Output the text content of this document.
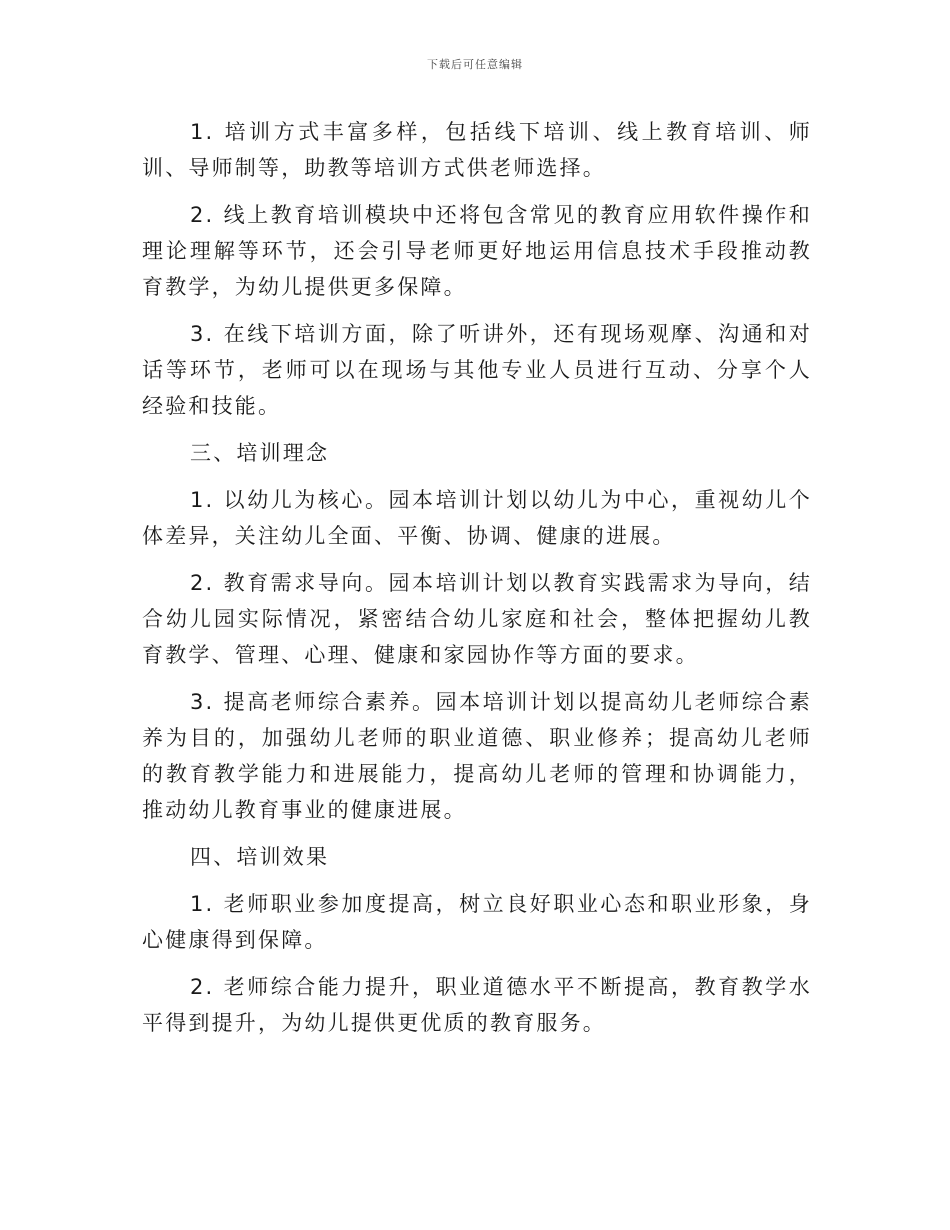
下载后可任意编辑

1. 培训方式丰富多样，包括线下培训、线上教育培训、师训、导师制等，助教等培训方式供老师选择。

2. 线上教育培训模块中还将包含常见的教育应用软件操作和理论理解等环节，还会引导老师更好地运用信息技术手段推动教育教学，为幼儿提供更多保障。

3. 在线下培训方面，除了听讲外，还有现场观摩、沟通和对话等环节，老师可以在现场与其他专业人员进行互动、分享个人经验和技能。

三、培训理念

1. 以幼儿为核心。园本培训计划以幼儿为中心，重视幼儿个体差异，关注幼儿全面、平衡、协调、健康的进展。

2. 教育需求导向。园本培训计划以教育实践需求为导向，结合幼儿园实际情况，紧密结合幼儿家庭和社会，整体把握幼儿教育教学、管理、心理、健康和家园协作等方面的要求。

3. 提高老师综合素养。园本培训计划以提高幼儿老师综合素养为目的，加强幼儿老师的职业道德、职业修养；提高幼儿老师的教育教学能力和进展能力，提高幼儿老师的管理和协调能力，推动幼儿教育事业的健康进展。

四、培训效果

1. 老师职业参加度提高，树立良好职业心态和职业形象，身心健康得到保障。

2. 老师综合能力提升，职业道德水平不断提高，教育教学水平得到提升，为幼儿提供更优质的教育服务。
